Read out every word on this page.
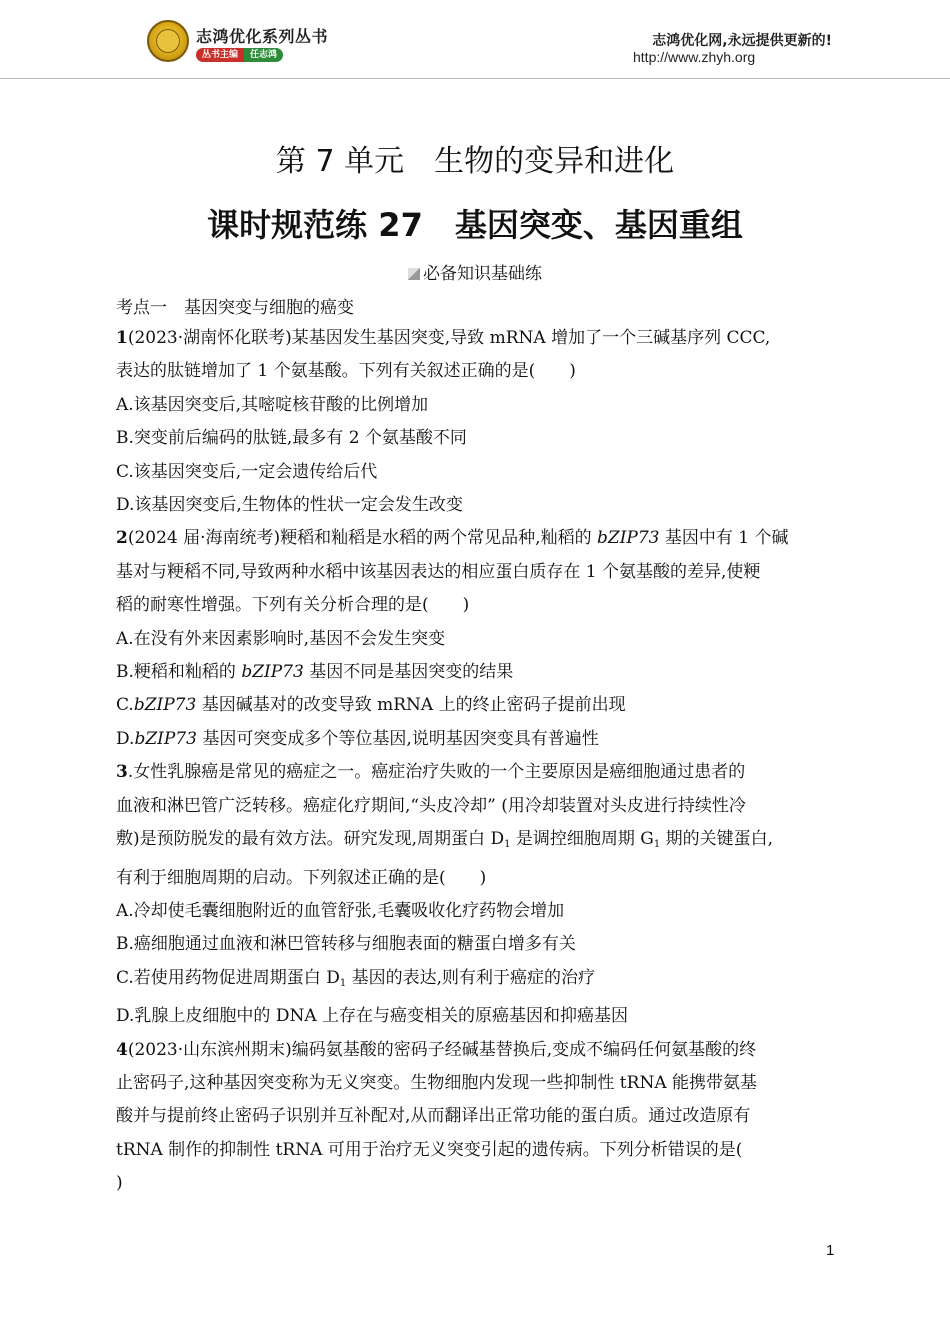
志鸿优化系列丛书
丛书主编	任志鸿
志鸿优化网,永远提供更新的!
http://www.zhyh.org
第 7 单元　生物的变异和进化
课时规范练 27　基因突变、基因重组
必备知识基础练

考点一　基因突变与细胞的癌变

1(2023·湖南怀化联考)某基因发生基因突变,导致 mRNA 增加了一个三碱基序列 CCC,

表达的肽链增加了 1 个氨基酸。下列有关叙述正确的是(　　)

A.该基因突变后,其嘧啶核苷酸的比例增加

B.突变前后编码的肽链,最多有 2 个氨基酸不同

C.该基因突变后,一定会遗传给后代

D.该基因突变后,生物体的性状一定会发生改变

2(2024 届·海南统考)粳稻和籼稻是水稻的两个常见品种,籼稻的 bZIP73 基因中有 1 个碱

基对与粳稻不同,导致两种水稻中该基因表达的相应蛋白质存在 1 个氨基酸的差异,使粳

稻的耐寒性增强。下列有关分析合理的是(　　)

A.在没有外来因素影响时,基因不会发生突变

B.粳稻和籼稻的 bZIP73 基因不同是基因突变的结果

C.bZIP73 基因碱基对的改变导致 mRNA 上的终止密码子提前出现

D.bZIP73 基因可突变成多个等位基因,说明基因突变具有普遍性

3.女性乳腺癌是常见的癌症之一。癌症治疗失败的一个主要原因是癌细胞通过患者的

血液和淋巴管广泛转移。癌症化疗期间,“头皮冷却” (用冷却装置对头皮进行持续性冷

敷)是预防脱发的最有效方法。研究发现,周期蛋白 $D_1$ 是调控细胞周期 $G_1$ 期的关键蛋白,

有利于细胞周期的启动。下列叙述正确的是(　　)

A.冷却使毛囊细胞附近的血管舒张,毛囊吸收化疗药物会增加

B.癌细胞通过血液和淋巴管转移与细胞表面的糖蛋白增多有关

C.若使用药物促进周期蛋白 $D_1$ 基因的表达,则有利于癌症的治疗

D.乳腺上皮细胞中的 DNA 上存在与癌变相关的原癌基因和抑癌基因

4(2023·山东滨州期末)编码氨基酸的密码子经碱基替换后,变成不编码任何氨基酸的终

止密码子,这种基因突变称为无义突变。生物细胞内发现一些抑制性 tRNA 能携带氨基

酸并与提前终止密码子识别并互补配对,从而翻译出正常功能的蛋白质。通过改造原有

tRNA 制作的抑制性 tRNA 可用于治疗无义突变引起的遗传病。下列分析错误的是(

)

1
